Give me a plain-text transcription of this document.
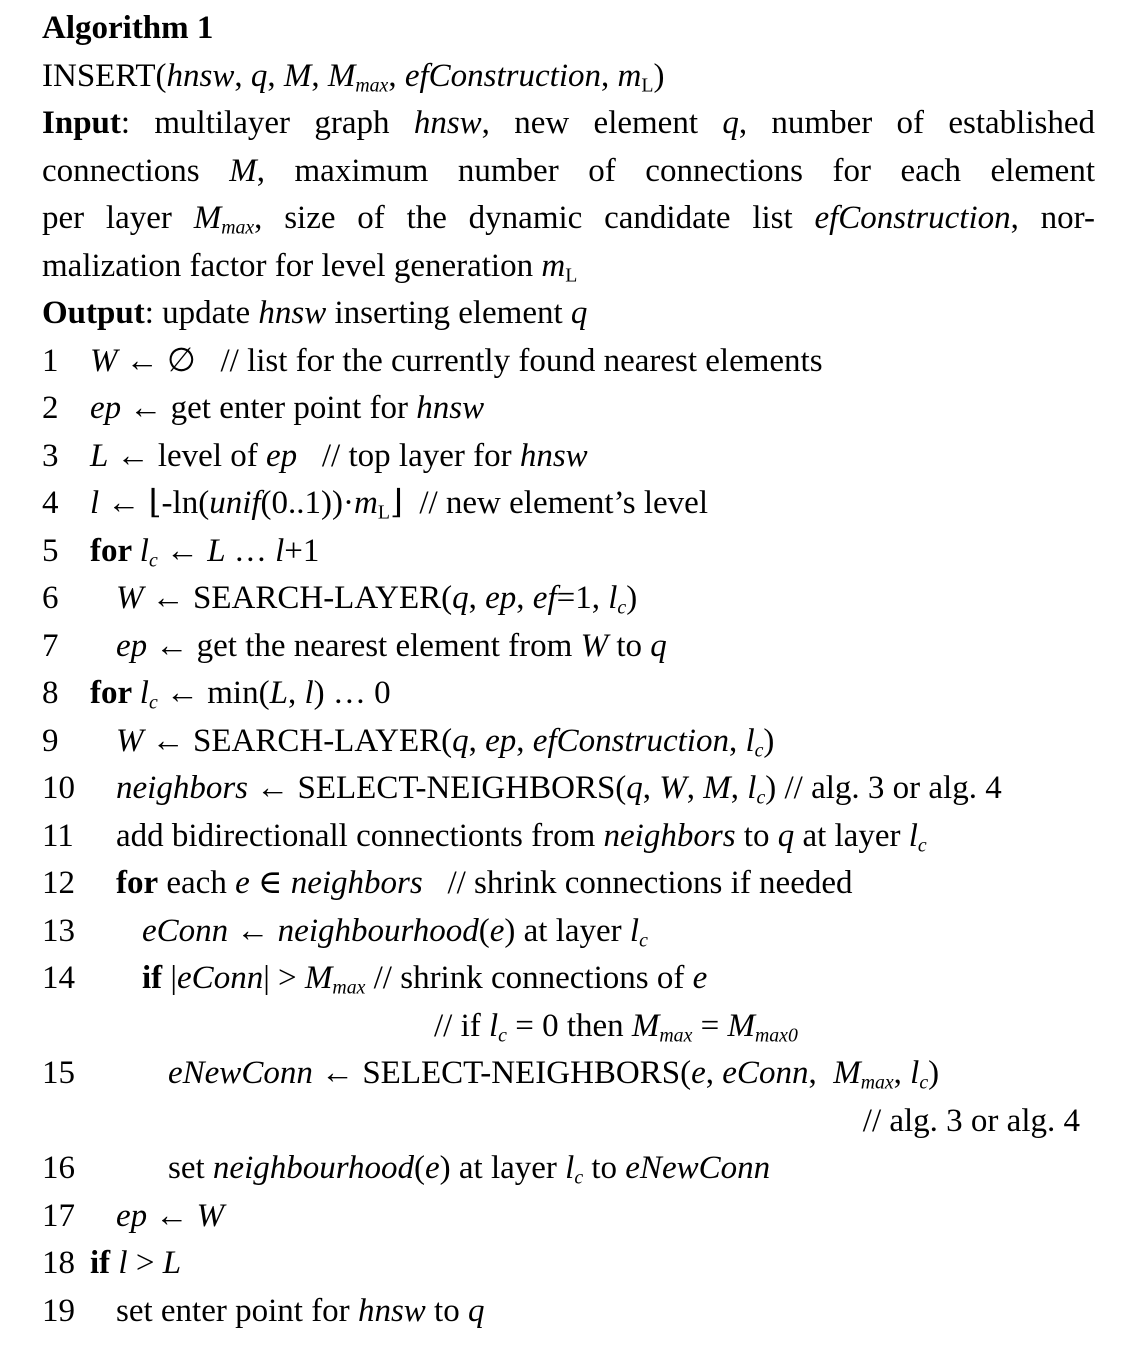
Algorithm 1
INSERT(hnsw, q, M, Mmax, efConstruction, mL)
Input: multilayer graph hnsw, new element q, number of established
connections M, maximum number of connections for each element
per layer Mmax, size of the dynamic candidate list efConstruction, nor-
malization factor for level generation mL
Output: update hnsw inserting element q
1 W ← ∅   // list for the currently found nearest elements
2 ep ← get enter point for hnsw
3 L ← level of ep   // top layer for hnsw
4 l ← ⌊-ln(unif(0..1))·mL⌋  // new element’s level
5 for lc ← L … l+1
6 W ← SEARCH-LAYER(q, ep, ef=1, lc)
7 ep ← get the nearest element from W to q
8 for lc ← min(L, l) … 0
9 W ← SEARCH-LAYER(q, ep, efConstruction, lc)
10 neighbors ← SELECT-NEIGHBORS(q, W, M, lc) // alg. 3 or alg. 4
11 add bidirectionall connectionts from neighbors to q at layer lc
12 for each e ∈ neighbors   // shrink connections if needed
13 eConn ← neighbourhood(e) at layer lc
14 if |eConn| > Mmax // shrink connections of e
// if lc = 0 then Mmax = Mmax0
15	eNewConn ← SELECT-NEIGHBORS(e, eConn,  Mmax, lc)
// alg. 3 or alg. 4
16	set neighbourhood(e) at layer lc to eNewConn
17 ep ← W
18 if l > L
19 set enter point for hnsw to q
